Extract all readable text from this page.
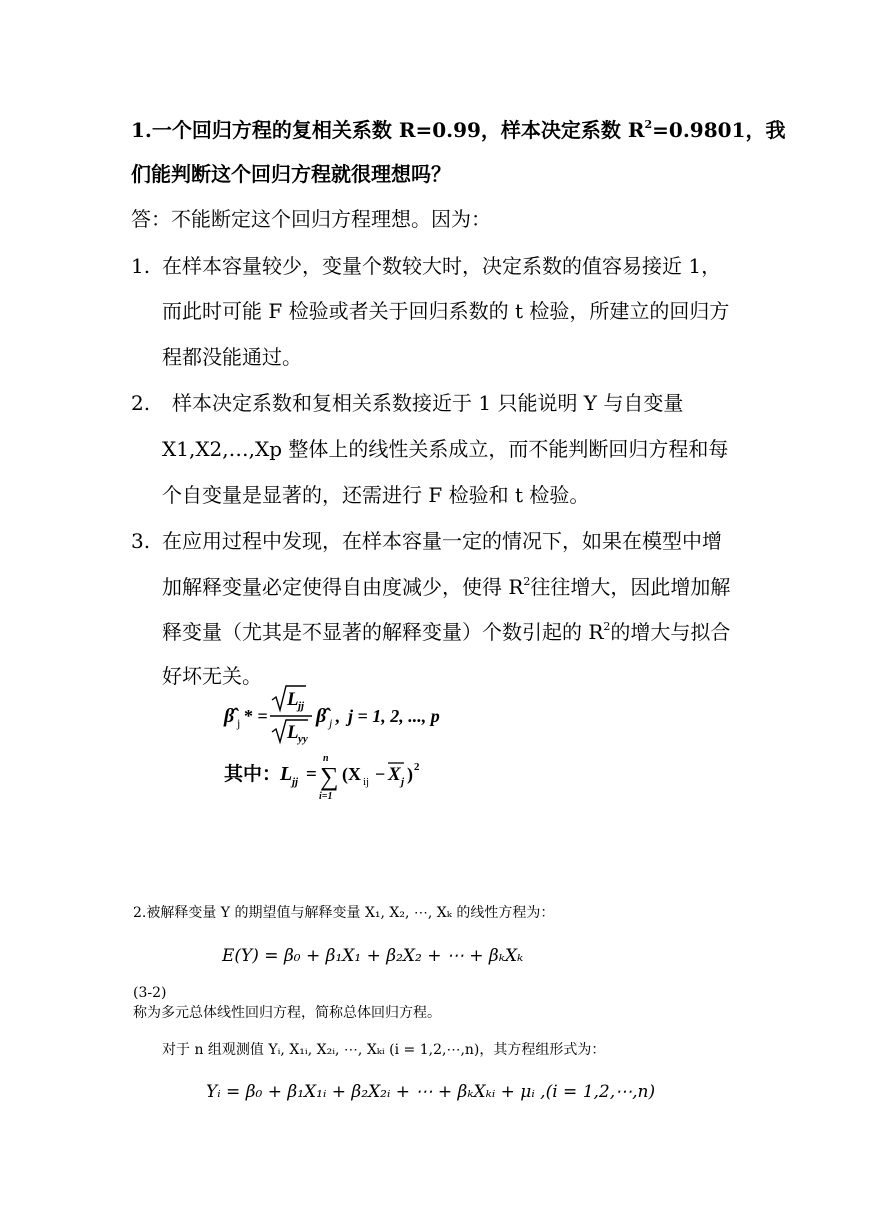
1.一个回归方程的复相关系数 R=0.99，样本决定系数 $R^2=0.9801$，我
们能判断这个回归方程就很理想吗？
答：不能断定这个回归方程理想。因为：
1. 在样本容量较少，变量个数较大时，决定系数的值容易接近 1，
而此时可能 F 检验或者关于回归系数的 t 检验，所建立的回归方
程都没能通过。
2. 样本决定系数和复相关系数接近于 1 只能说明 Y 与自变量
X1,X2,…,Xp 整体上的线性关系成立，而不能判断回归方程和每
个自变量是显著的，还需进行 F 检验和 t 检验。
3. 在应用过程中发现，在样本容量一定的情况下，如果在模型中增
加解释变量必定使得自由度减少，使得 $R^2$往往增大，因此增加解
释变量（尤其是不显著的解释变量）个数引起的 $R^2$的增大与拟合
好坏无关。
β̂ j * =
L jj
L yy
β̂ j , j = 1, 2, ..., p
其中：
L jj =
n
∑
i=1
(X ij − X j ) 2
2.被解释变量 Y 的期望值与解释变量 X₁, X₂, ⋯, Xₖ 的线性方程为：
E(Y) = β₀ + β₁X₁ + β₂X₂ + ⋯ + βₖXₖ
(3-2)
称为多元总体线性回归方程，简称总体回归方程。
对于 n 组观测值 Yᵢ, X₁ᵢ, X₂ᵢ, ⋯, Xₖᵢ (i = 1,2,⋯,n)，其方程组形式为：
Yᵢ = β₀ + β₁X₁ᵢ + β₂X₂ᵢ + ⋯ + βₖXₖᵢ + μᵢ ,(i = 1,2,⋯,n)
